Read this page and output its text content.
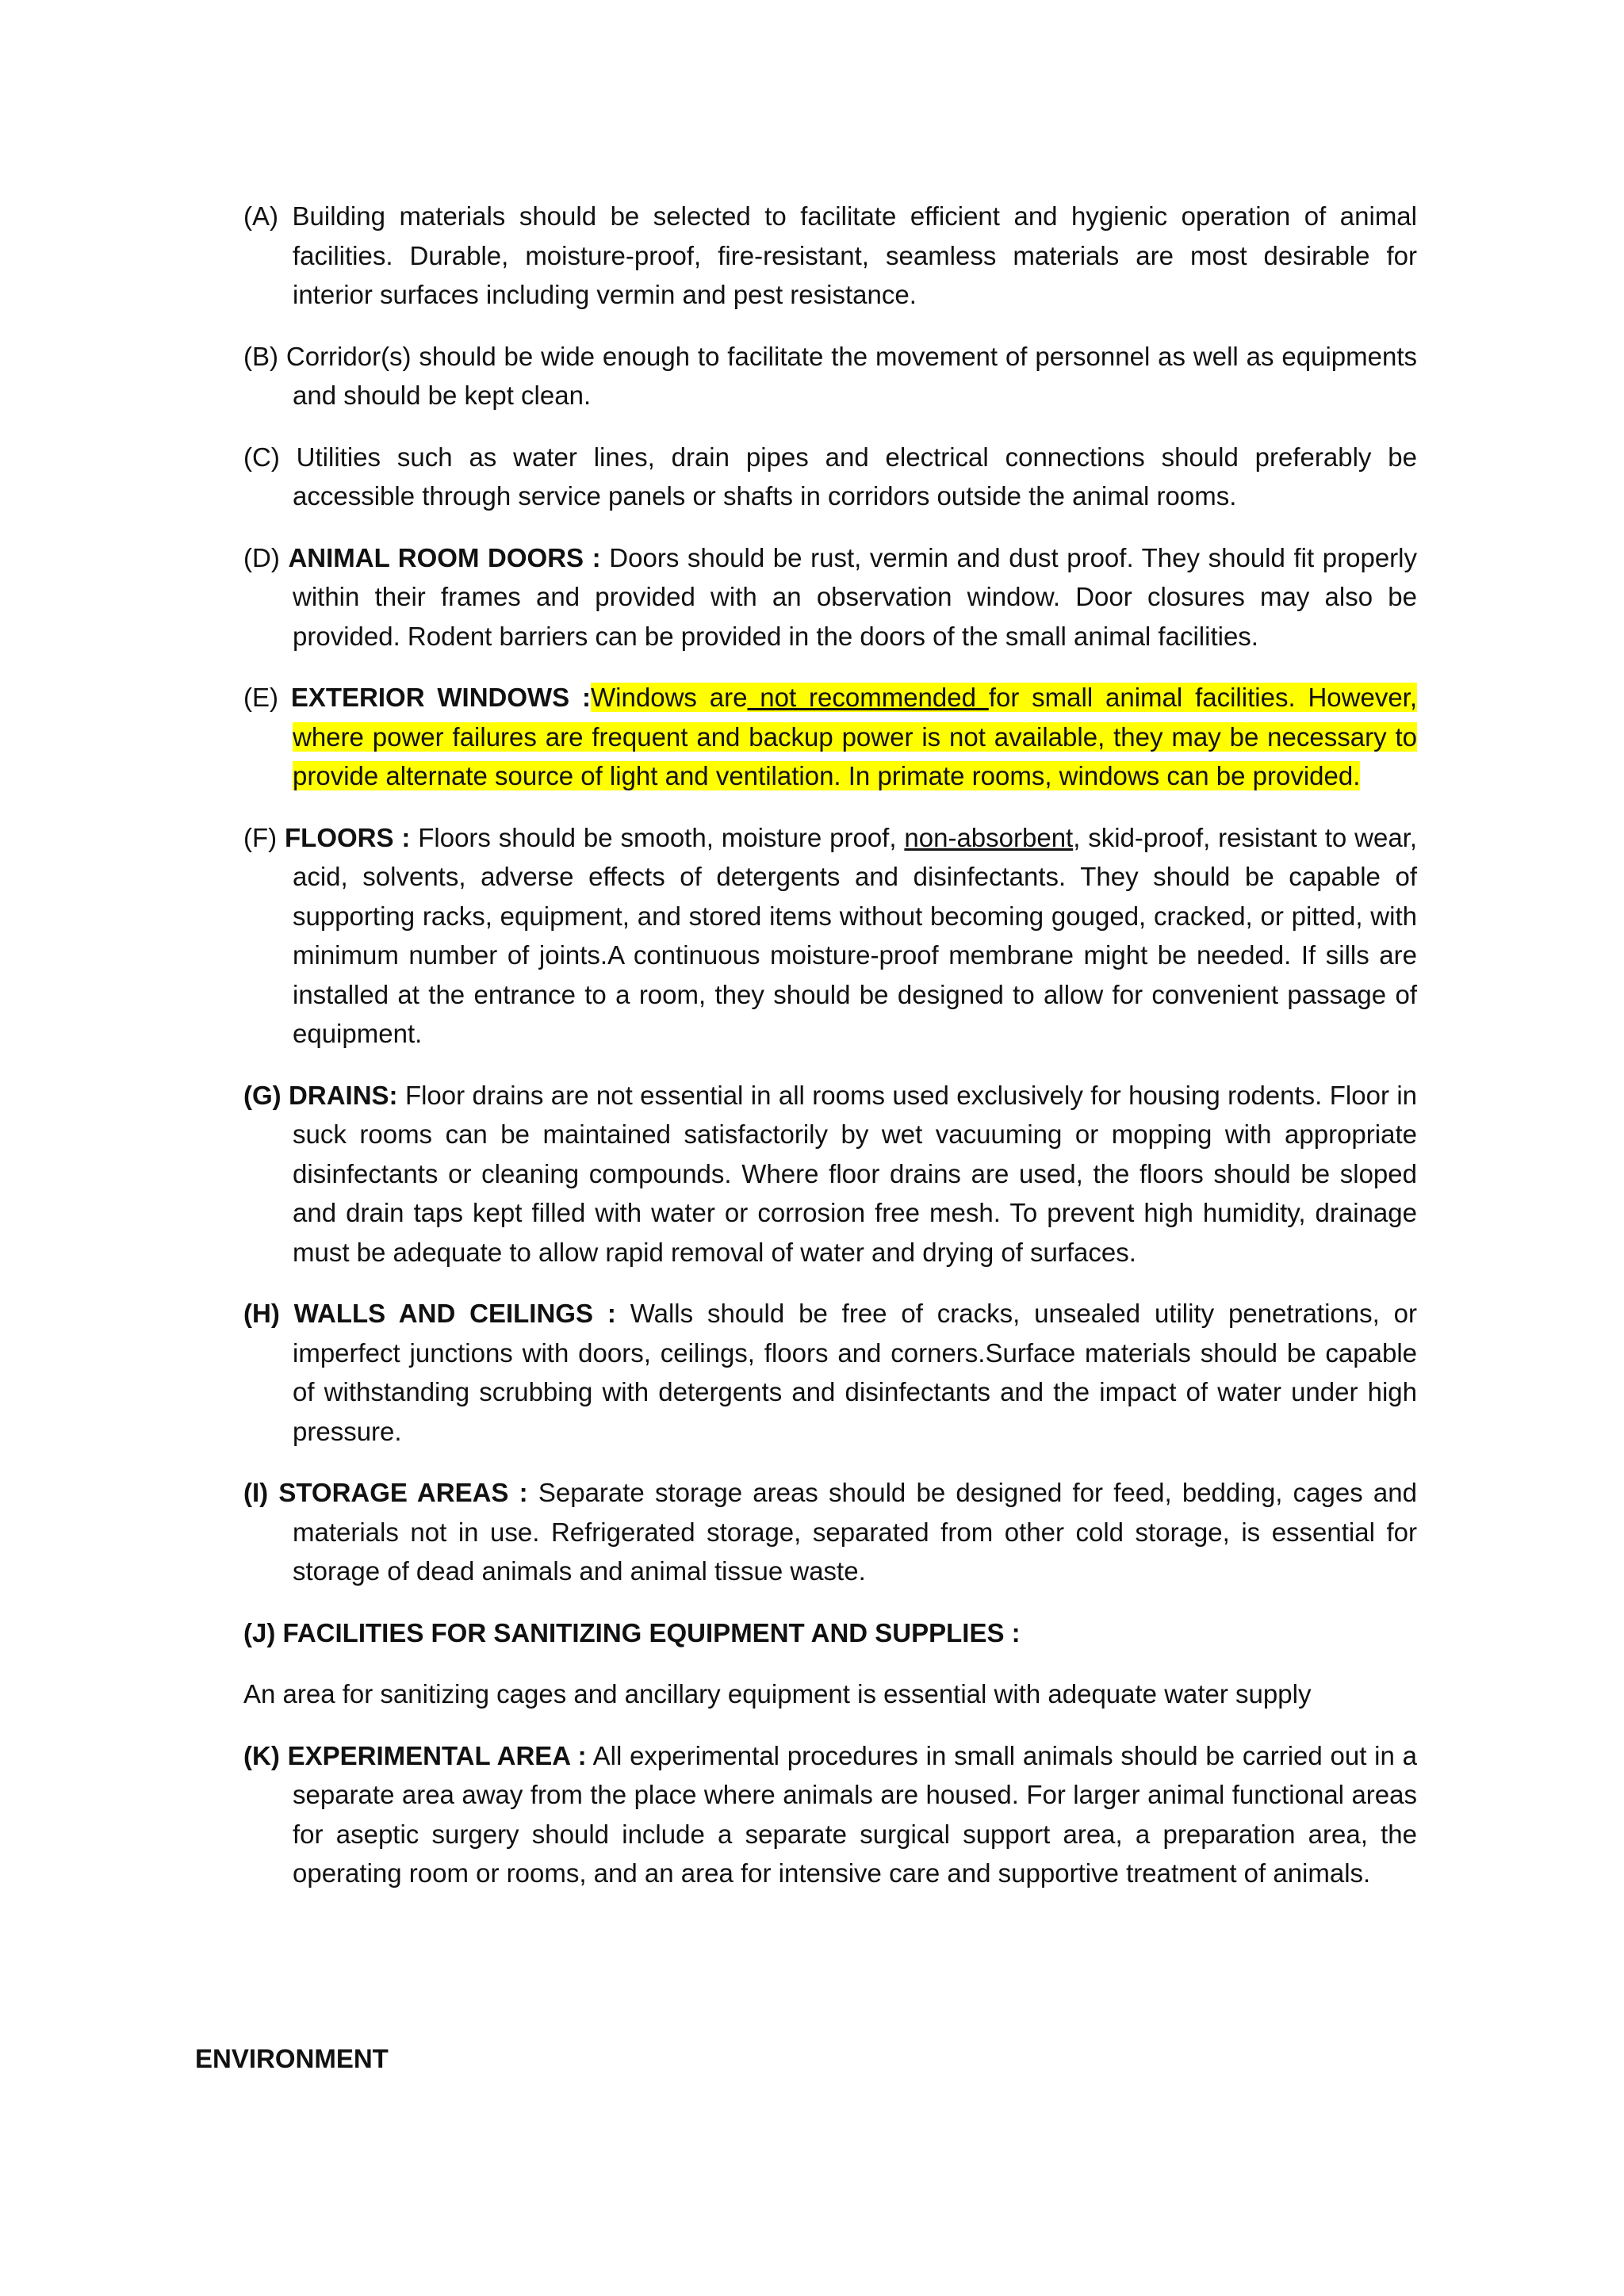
(A) Building materials should be selected to facilitate efficient and hygienic operation of animal facilities. Durable, moisture-proof, fire-resistant, seamless materials are most desirable for interior surfaces including vermin and pest resistance.

(B) Corridor(s) should be wide enough to facilitate the movement of personnel as well as equipments and should be kept clean.

(C) Utilities such as water lines, drain pipes and electrical connections should preferably be accessible through service panels or shafts in corridors outside the animal rooms.

(D) ANIMAL ROOM DOORS : Doors should be rust, vermin and dust proof. They should fit properly within their frames and provided with an observation window. Door closures may also be provided. Rodent barriers can be provided in the doors of the small animal facilities.

(E) EXTERIOR WINDOWS :Windows are not recommended for small animal facilities. However, where power failures are frequent and backup power is not available, they may be necessary to provide alternate source of light and ventilation. In primate rooms, windows can be provided.

(F) FLOORS : Floors should be smooth, moisture proof, non-absorbent, skid-proof, resistant to wear, acid, solvents, adverse effects of detergents and disinfectants. They should be capable of supporting racks, equipment, and stored items without becoming gouged, cracked, or pitted, with minimum number of joints.A continuous moisture-proof membrane might be needed. If sills are installed at the entrance to a room, they should be designed to allow for convenient passage of equipment.

(G) DRAINS: Floor drains are not essential in all rooms used exclusively for housing rodents. Floor in suck rooms can be maintained satisfactorily by wet vacuuming or mopping with appropriate disinfectants or cleaning compounds. Where floor drains are used, the floors should be sloped and drain taps kept filled with water or corrosion free mesh. To prevent high humidity, drainage must be adequate to allow rapid removal of water and drying of surfaces.

(H) WALLS AND CEILINGS : Walls should be free of cracks, unsealed utility penetrations, or imperfect junctions with doors, ceilings, floors and corners.Surface materials should be capable of withstanding scrubbing with detergents and disinfectants and the impact of water under high pressure.

(I) STORAGE AREAS : Separate storage areas should be designed for feed, bedding, cages and materials not in use. Refrigerated storage, separated from other cold storage, is essential for storage of dead animals and animal tissue waste.

(J) FACILITIES FOR SANITIZING EQUIPMENT AND SUPPLIES :

An area for sanitizing cages and ancillary equipment is essential with adequate water supply

(K) EXPERIMENTAL AREA : All experimental procedures in small animals should be carried out in a separate area away from the place where animals are housed. For larger animal functional areas for aseptic surgery should include a separate surgical support area, a preparation area, the operating room or rooms, and an area for intensive care and supportive treatment of animals.

ENVIRONMENT
